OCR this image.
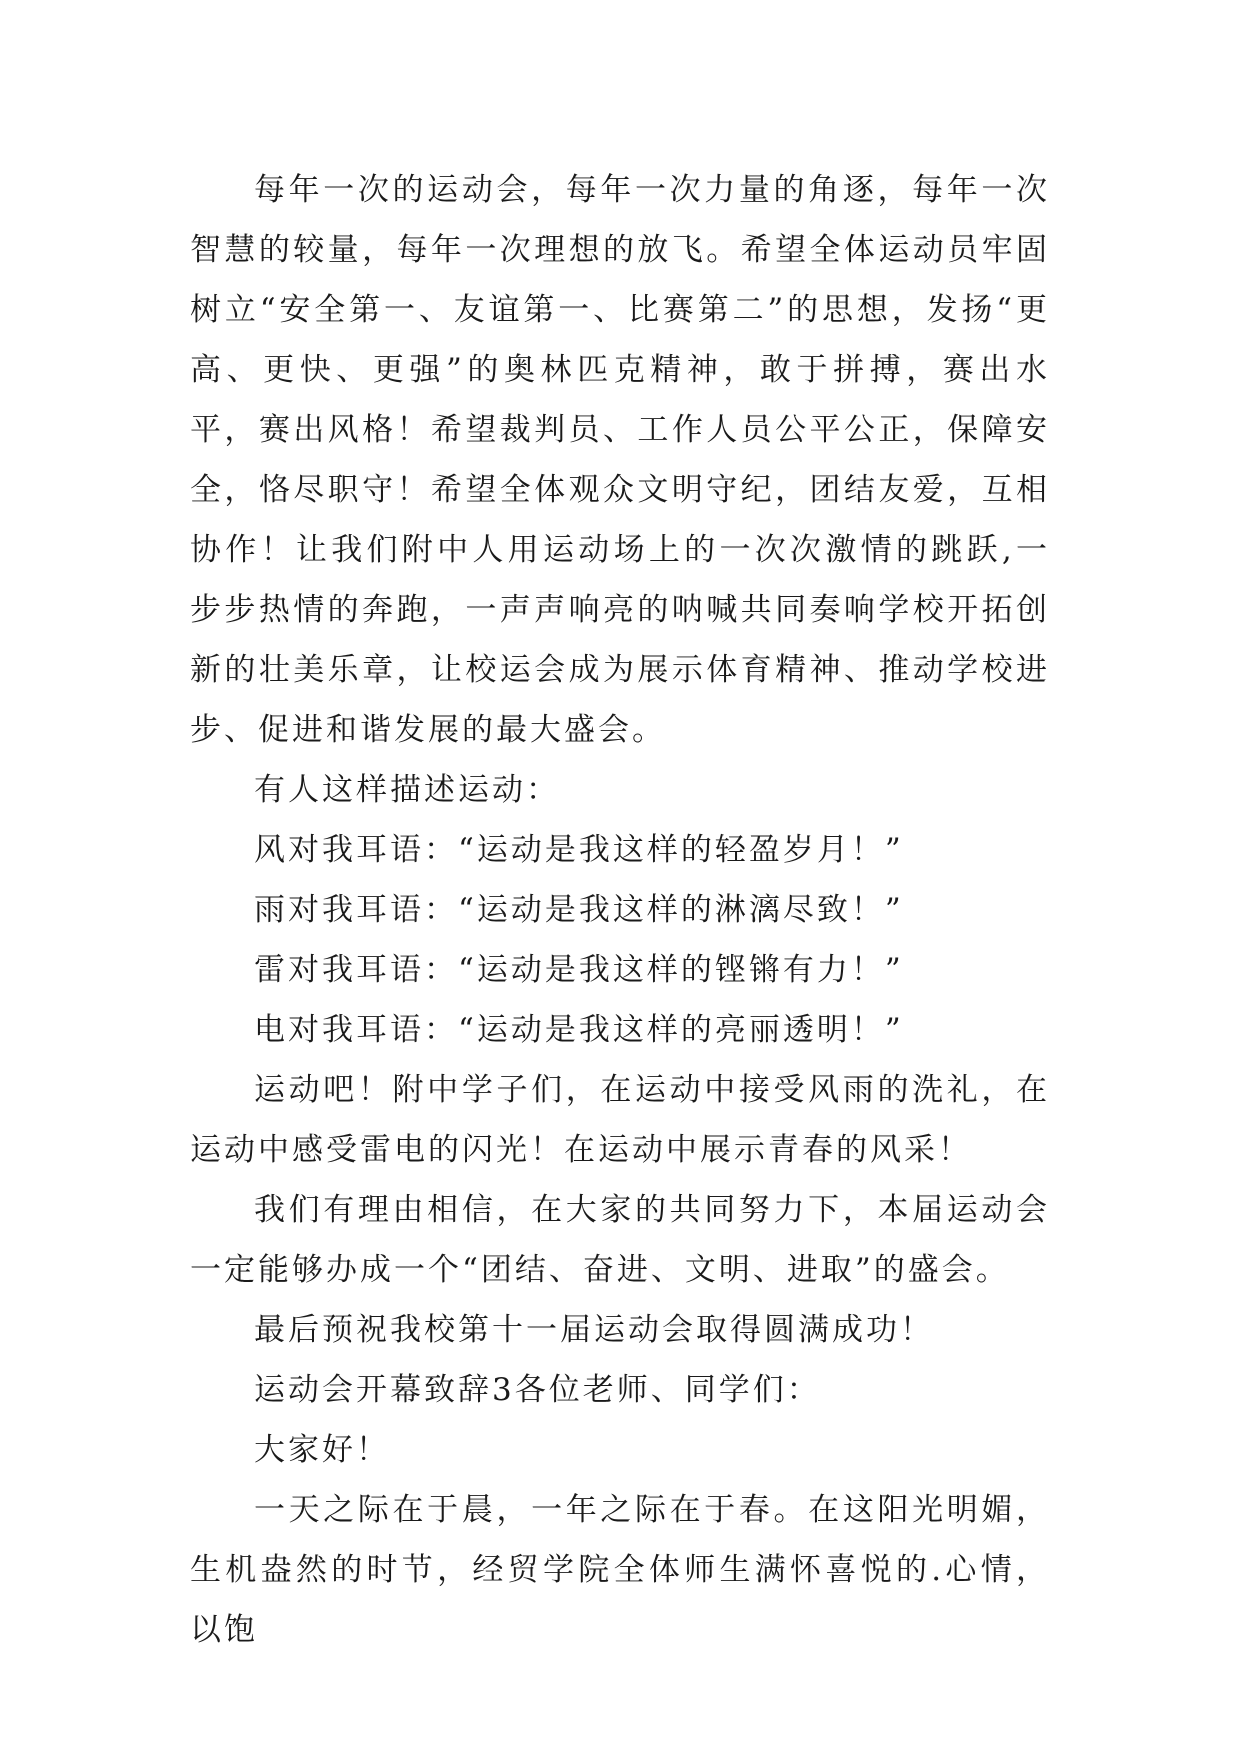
每年一次的运动会，每年一次力量的角逐，每年一次智慧的较量，每年一次理想的放飞。希望全体运动员牢固树立“安全第一、友谊第一、比赛第二”的思想，发扬“更高、更快、更强”的奥林匹克精神，敢于拼搏，赛出水平，赛出风格！希望裁判员、工作人员公平公正，保障安全，恪尽职守！希望全体观众文明守纪，团结友爱，互相协作！让我们附中人用运动场上的一次次激情的跳跃,一步步热情的奔跑，一声声响亮的呐喊共同奏响学校开拓创新的壮美乐章，让校运会成为展示体育精神、推动学校进步、促进和谐发展的最大盛会。

有人这样描述运动：

风对我耳语：“运动是我这样的轻盈岁月！”

雨对我耳语：“运动是我这样的淋漓尽致！”

雷对我耳语：“运动是我这样的铿锵有力！”

电对我耳语：“运动是我这样的亮丽透明！”

运动吧！附中学子们，在运动中接受风雨的洗礼，在运动中感受雷电的闪光！在运动中展示青春的风采！

我们有理由相信，在大家的共同努力下，本届运动会一定能够办成一个“团结、奋进、文明、进取”的盛会。

最后预祝我校第十一届运动会取得圆满成功！

运动会开幕致辞3各位老师、同学们：

大家好！

一天之际在于晨，一年之际在于春。在这阳光明媚，生机盎然的时节，经贸学院全体师生满怀喜悦的.心情，以饱
